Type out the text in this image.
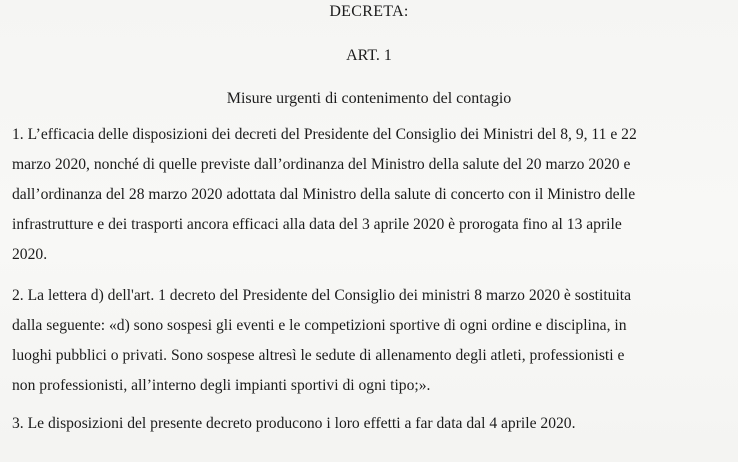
DECRETA:
ART. 1
Misure urgenti di contenimento del contagio
1. L’efficacia delle disposizioni dei decreti del Presidente del Consiglio dei Ministri del 8, 9, 11 e 22
marzo 2020, nonché di quelle previste dall’ordinanza del Ministro della salute del 20 marzo 2020 e
dall’ordinanza del 28 marzo 2020 adottata dal Ministro della salute di concerto con il Ministro delle
infrastrutture e dei trasporti ancora efficaci alla data del 3 aprile 2020 è prorogata fino al 13 aprile
2020.
2. La lettera d) dell'art. 1 decreto del Presidente del Consiglio dei ministri 8 marzo 2020 è sostituita
dalla seguente: «d) sono sospesi gli eventi e le competizioni sportive di ogni ordine e disciplina, in
luoghi pubblici o privati. Sono sospese altresì le sedute di allenamento degli atleti, professionisti e
non professionisti, all’interno degli impianti sportivi di ogni tipo;».
3. Le disposizioni del presente decreto producono i loro effetti a far data dal 4 aprile 2020.
